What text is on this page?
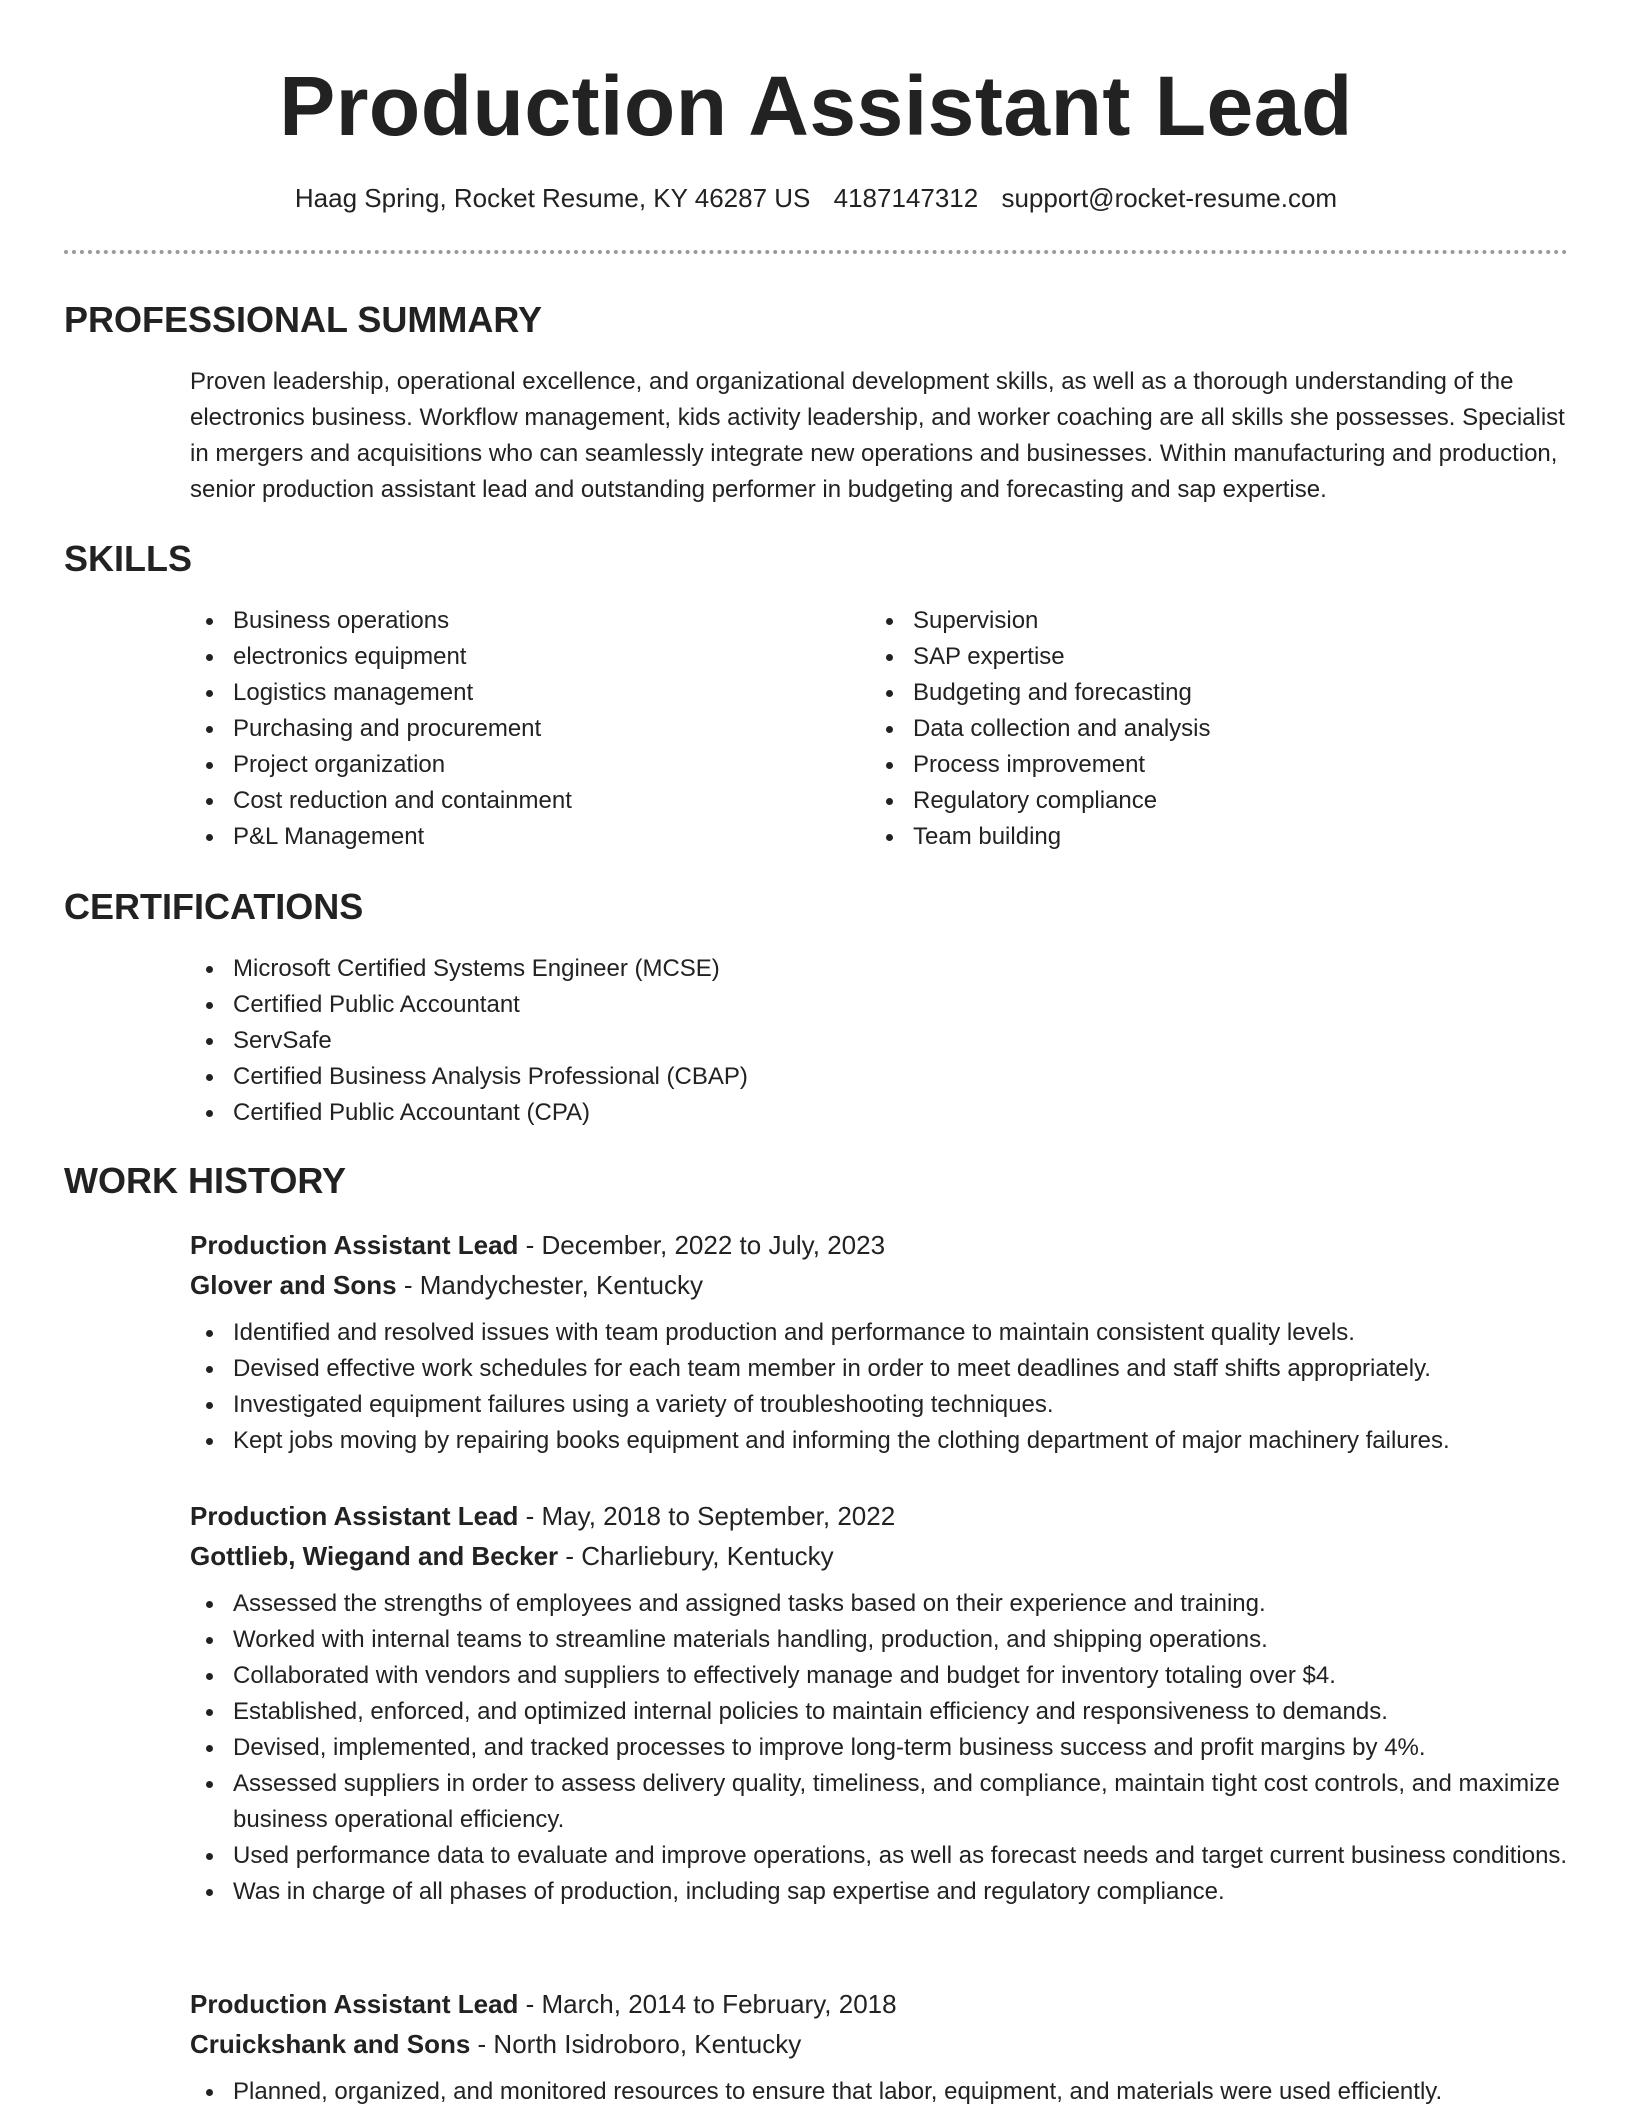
Production Assistant Lead
Haag Spring, Rocket Resume, KY 46287 US 4187147312 support@rocket-resume.com
PROFESSIONAL SUMMARY
Proven leadership, operational excellence, and organizational development skills, as well as a thorough understanding of the electronics business. Workflow management, kids activity leadership, and worker coaching are all skills she possesses. Specialist in mergers and acquisitions who can seamlessly integrate new operations and businesses. Within manufacturing and production, senior production assistant lead and outstanding performer in budgeting and forecasting and sap expertise.
SKILLS
Business operations
electronics equipment
Logistics management
Purchasing and procurement
Project organization
Cost reduction and containment
P&L Management
Supervision
SAP expertise
Budgeting and forecasting
Data collection and analysis
Process improvement
Regulatory compliance
Team building
CERTIFICATIONS
Microsoft Certified Systems Engineer (MCSE)
Certified Public Accountant
ServSafe
Certified Business Analysis Professional (CBAP)
Certified Public Accountant (CPA)
WORK HISTORY
Production Assistant Lead - December, 2022 to July, 2023
Glover and Sons - Mandychester, Kentucky
Identified and resolved issues with team production and performance to maintain consistent quality levels.
Devised effective work schedules for each team member in order to meet deadlines and staff shifts appropriately.
Investigated equipment failures using a variety of troubleshooting techniques.
Kept jobs moving by repairing books equipment and informing the clothing department of major machinery failures.
Production Assistant Lead - May, 2018 to September, 2022
Gottlieb, Wiegand and Becker - Charliebury, Kentucky
Assessed the strengths of employees and assigned tasks based on their experience and training.
Worked with internal teams to streamline materials handling, production, and shipping operations.
Collaborated with vendors and suppliers to effectively manage and budget for inventory totaling over $4.
Established, enforced, and optimized internal policies to maintain efficiency and responsiveness to demands.
Devised, implemented, and tracked processes to improve long-term business success and profit margins by 4%.
Assessed suppliers in order to assess delivery quality, timeliness, and compliance, maintain tight cost controls, and maximize business operational efficiency.
Used performance data to evaluate and improve operations, as well as forecast needs and target current business conditions.
Was in charge of all phases of production, including sap expertise and regulatory compliance.
Production Assistant Lead - March, 2014 to February, 2018
Cruickshank and Sons - North Isidroboro, Kentucky
Planned, organized, and monitored resources to ensure that labor, equipment, and materials were used efficiently.
